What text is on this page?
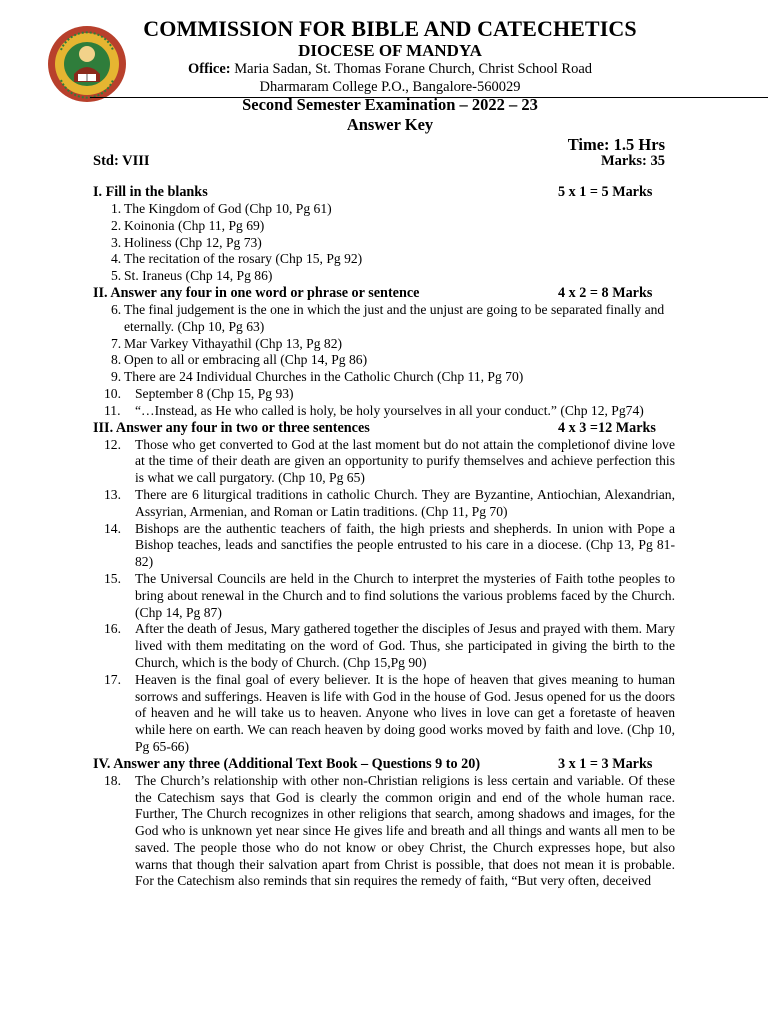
COMMISSION FOR BIBLE AND CATECHETICS
DIOCESE OF MANDYA
Office: Maria Sadan, St. Thomas Forane Church, Christ School Road
Dharmaram College P.O., Bangalore-560029
Second Semester Examination – 2022 – 23
Answer Key
Time: 1.5 Hrs
Std: VIII	Marks: 35
I. Fill in the blanks	5 x 1 = 5 Marks
1. The Kingdom of God (Chp 10, Pg 61)
2. Koinonia (Chp 11, Pg 69)
3. Holiness (Chp 12, Pg 73)
4. The recitation of the rosary (Chp 15, Pg 92)
5. St. Iraneus (Chp 14, Pg 86)
II. Answer any four in one word or phrase or sentence	4 x 2 = 8 Marks
6. The final judgement is the one in which the just and the unjust are going to be separated finally and eternally. (Chp 10, Pg 63)
7. Mar Varkey Vithayathil (Chp 13, Pg 82)
8. Open to all or embracing all (Chp 14, Pg 86)
9. There are 24 Individual Churches in the Catholic Church (Chp 11, Pg 70)
10.	September 8 (Chp 15, Pg 93)
11.	“…Instead, as He who called is holy, be holy yourselves in all your conduct.” (Chp 12, Pg74)
III. Answer any four in two or three sentences	4 x 3 =12 Marks
12.	Those who get converted to God at the last moment but do not attain the completionof divine love at the time of their death are given an opportunity to purify themselves and achieve perfection this is what we call purgatory. (Chp 10, Pg 65)
13.	There are 6 liturgical traditions in catholic Church. They are Byzantine, Antiochian, Alexandrian, Assyrian, Armenian, and Roman or Latin traditions. (Chp 11, Pg 70)
14.	Bishops are the authentic teachers of faith, the high priests and shepherds. In union with Pope a Bishop teaches, leads and sanctifies the people entrusted to his care in a diocese. (Chp 13, Pg 81-82)
15.	The Universal Councils are held in the Church to interpret the mysteries of Faith tothe peoples to bring about renewal in the Church and to find solutions the various problems faced by the Church. (Chp 14, Pg 87)
16.	After the death of Jesus, Mary gathered together the disciples of Jesus and prayed with them. Mary lived with them meditating on the word of God. Thus, she participated in giving the birth to the Church, which is the body of Church. (Chp 15,Pg 90)
17.	Heaven is the final goal of every believer. It is the hope of heaven that gives meaning to human sorrows and sufferings. Heaven is life with God in the house of God. Jesus opened for us the doors of heaven and he will take us to heaven. Anyone who lives in love can get a foretaste of heaven while here on earth. We can reach heaven by doing good works moved by faith and love. (Chp 10, Pg 65-66)
IV. Answer any three (Additional Text Book – Questions 9 to 20)	3 x 1 = 3 Marks
18.	The Church’s relationship with other non-Christian religions is less certain and variable. Of these the Catechism says that God is clearly the common origin and end of the whole human race. Further, The Church recognizes in other religions that search, among shadows and images, for the God who is unknown yet near since He gives life and breath and all things and wants all men to be saved. The people those who do not know or obey Christ, the Church expresses hope, but also warns that though their salvation apart from Christ is possible, that does not mean it is probable. For the Catechism also reminds that sin requires the remedy of faith, “But very often, deceived
